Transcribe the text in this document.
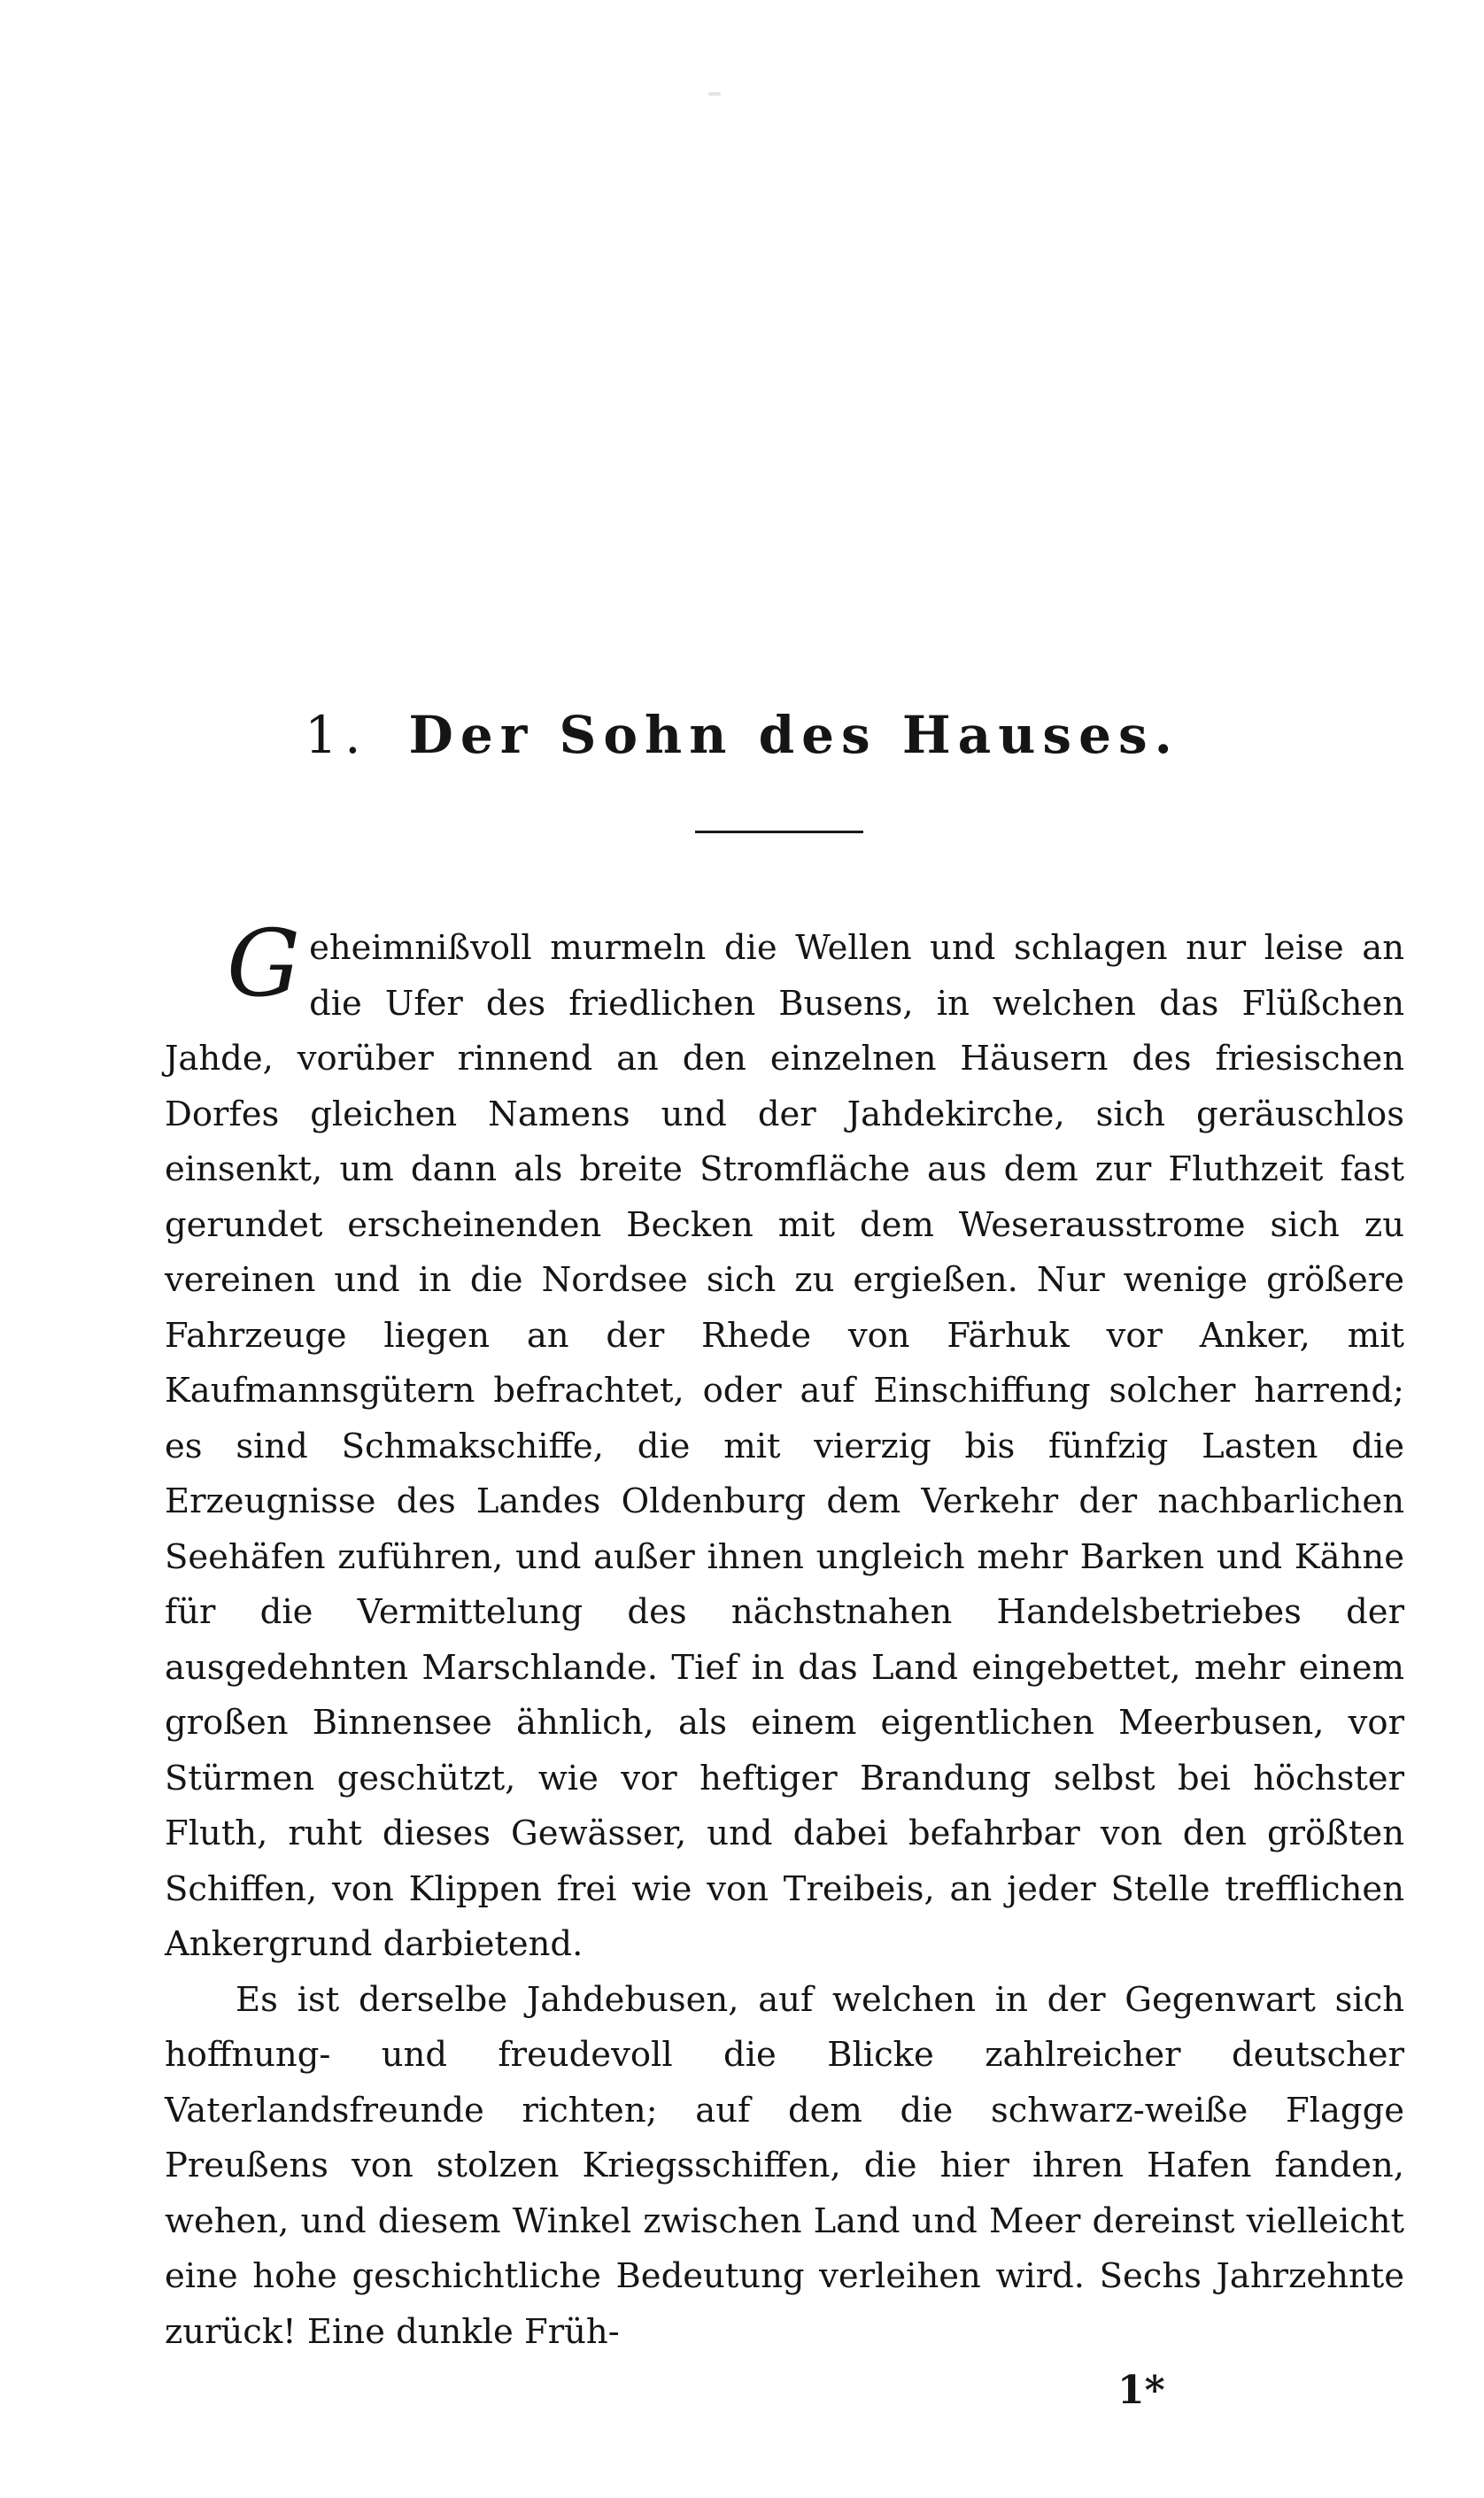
1. Der Sohn des Hauses.

Geheimnißvoll murmeln die Wellen und schlagen nur leise an die Ufer des friedlichen Busens, in welchen das Flüßchen Jahde, vorüber rinnend an den einzelnen Häusern des friesischen Dorfes gleichen Namens und der Jahdekirche, sich geräuschlos einsenkt, um dann als breite Stromfläche aus dem zur Fluthzeit fast gerundet erscheinenden Becken mit dem Weserausstrome sich zu vereinen und in die Nordsee sich zu ergießen. Nur wenige größere Fahrzeuge liegen an der Rhede von Färhuk vor Anker, mit Kaufmannsgütern befrachtet, oder auf Einschiffung solcher harrend; es sind Schmakschiffe, die mit vierzig bis fünfzig Lasten die Erzeugnisse des Landes Oldenburg dem Verkehr der nachbarlichen Seehäfen zuführen, und außer ihnen ungleich mehr Barken und Kähne für die Vermittelung des nächstnahen Handelsbetriebes der ausgedehnten Marschlande. Tief in das Land eingebettet, mehr einem großen Binnensee ähnlich, als einem eigentlichen Meerbusen, vor Stürmen geschützt, wie vor heftiger Brandung selbst bei höchster Fluth, ruht dieses Gewässer, und dabei befahrbar von den größten Schiffen, von Klippen frei wie von Treibeis, an jeder Stelle trefflichen Ankergrund darbietend.

Es ist derselbe Jahdebusen, auf welchen in der Gegenwart sich hoffnung- und freudevoll die Blicke zahlreicher deutscher Vaterlandsfreunde richten; auf dem die schwarz-weiße Flagge Preußens von stolzen Kriegsschiffen, die hier ihren Hafen fanden, wehen, und diesem Winkel zwischen Land und Meer dereinst vielleicht eine hohe geschichtliche Bedeutung verleihen wird. Sechs Jahrzehnte zurück! Eine dunkle Früh-

1*
